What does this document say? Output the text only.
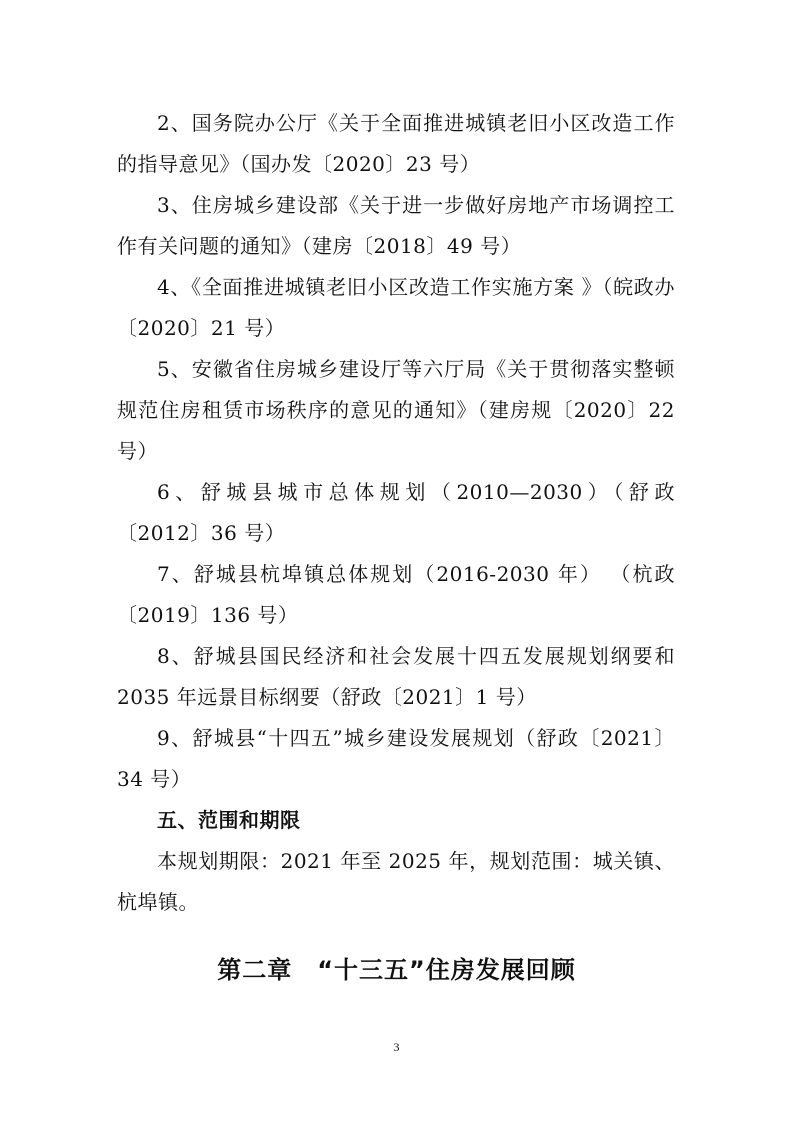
2、国务院办公厅《关于全面推进城镇老旧小区改造工作的指导意见》（国办发〔2020〕23 号）

3、住房城乡建设部《关于进一步做好房地产市场调控工作有关问题的通知》（建房〔2018〕49 号）

4、《全面推进城镇老旧小区改造工作实施方案 》（皖政办〔2020〕21 号）

5、安徽省住房城乡建设厅等六厅局《关于贯彻落实整顿规范住房租赁市场秩序的意见的通知》（建房规〔2020〕22 号）

6、舒城县城市总体规划（2010—2030）（舒政〔2012〕36 号）

7、舒城县杭埠镇总体规划（2016-2030 年） （杭政〔2019〕136 号）

8、舒城县国民经济和社会发展十四五发展规划纲要和2035 年远景目标纲要（舒政〔2021〕1 号）

9、舒城县“十四五”城乡建设发展规划（舒政〔2021〕34 号）

五、范围和期限

本规划期限：2021 年至 2025 年，规划范围：城关镇、杭埠镇。

第二章　“十三五”住房发展回顾
3
